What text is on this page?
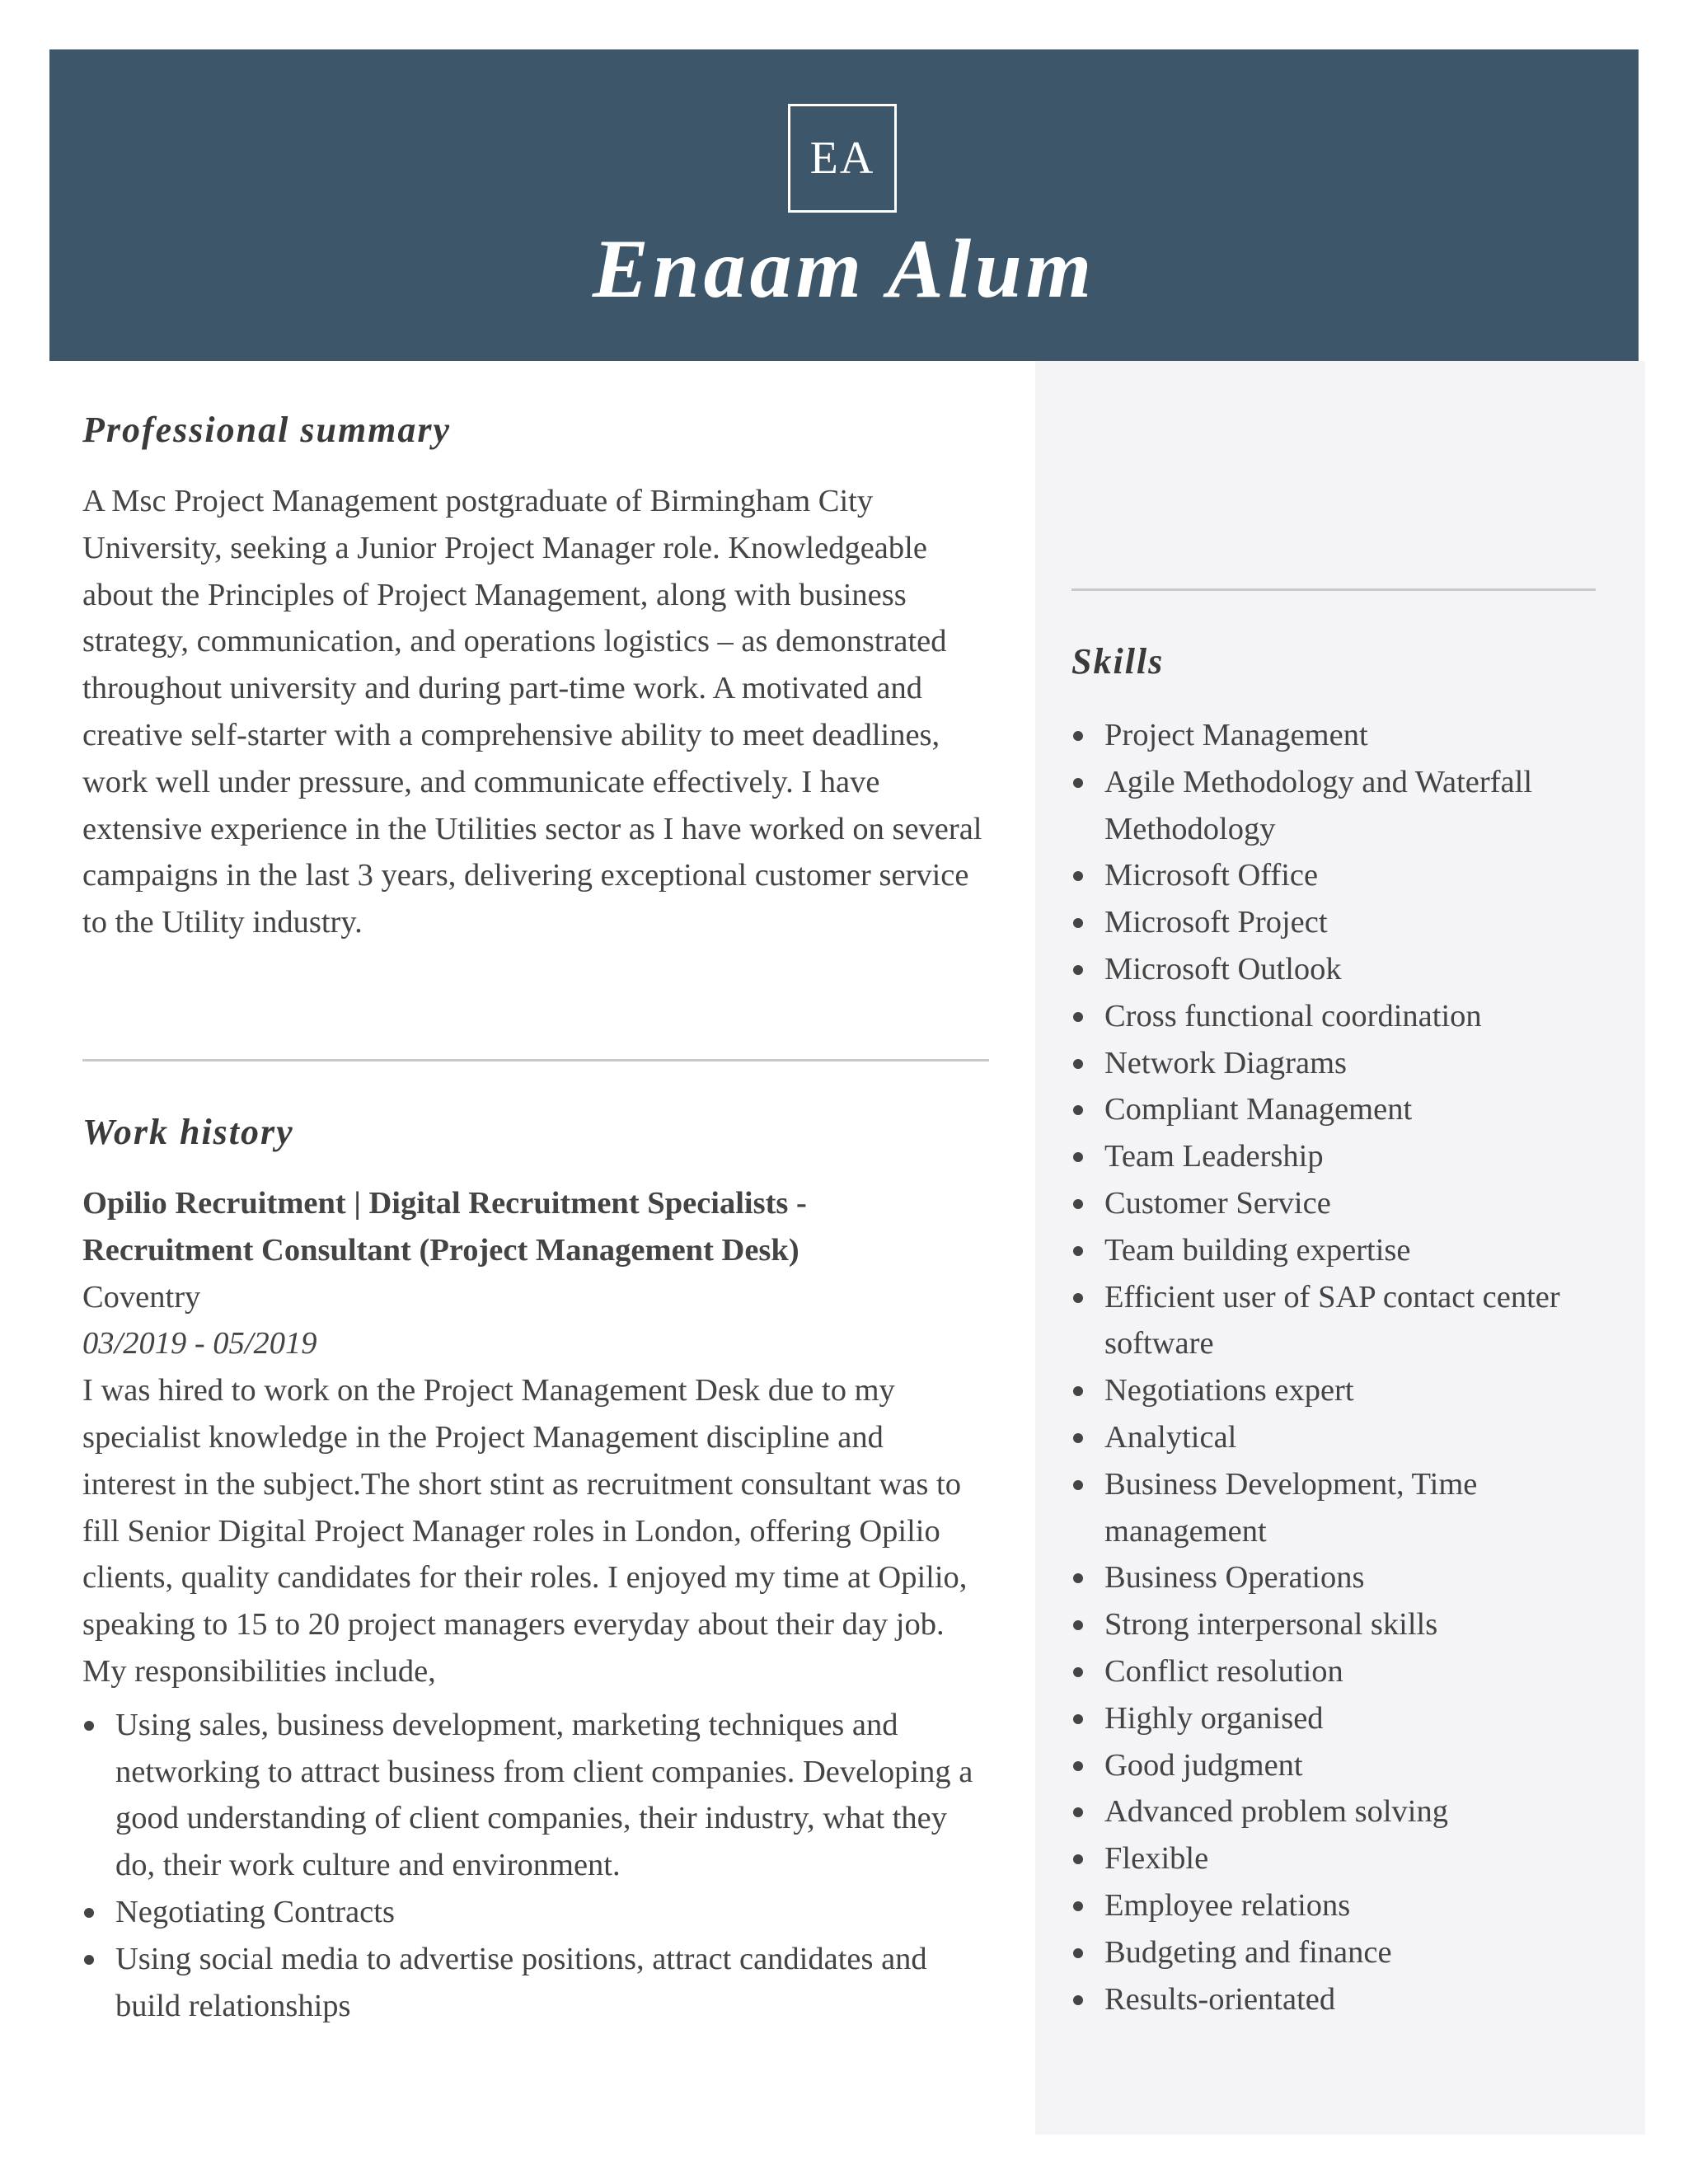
EA
Enaam Alum
Professional summary

A Msc Project Management postgraduate of Birmingham City University, seeking a Junior Project Manager role. Knowledgeable about the Principles of Project Management, along with business strategy, communication, and operations logistics – as demonstrated throughout university and during part-time work. A motivated and creative self-starter with a comprehensive ability to meet deadlines, work well under pressure, and communicate effectively. I have extensive experience in the Utilities sector as I have worked on several campaigns in the last 3 years, delivering exceptional customer service to the Utility industry.

Work history
Opilio Recruitment | Digital Recruitment Specialists - Recruitment Consultant (Project Management Desk)
Coventry
03/2019 - 05/2019
I was hired to work on the Project Management Desk due to my specialist knowledge in the Project Management discipline and interest in the subject.The short stint as recruitment consultant was to fill Senior Digital Project Manager roles in London, offering Opilio clients, quality candidates for their roles. I enjoyed my time at Opilio, speaking to 15 to 20 project managers everyday about their day job. My responsibilities include,
Using sales, business development, marketing techniques and networking to attract business from client companies. Developing a good understanding of client companies, their industry, what they do, their work culture and environment.
Negotiating Contracts
Using social media to advertise positions, attract candidates and build relationships
Skills
Project Management
Agile Methodology and Waterfall Methodology
Microsoft Office
Microsoft Project
Microsoft Outlook
Cross functional coordination
Network Diagrams
Compliant Management
Team Leadership
Customer Service
Team building expertise
Efficient user of SAP contact center software
Negotiations expert
Analytical
Business Development, Time management
Business Operations
Strong interpersonal skills
Conflict resolution
Highly organised
Good judgment
Advanced problem solving
Flexible
Employee relations
Budgeting and finance
Results-orientated
